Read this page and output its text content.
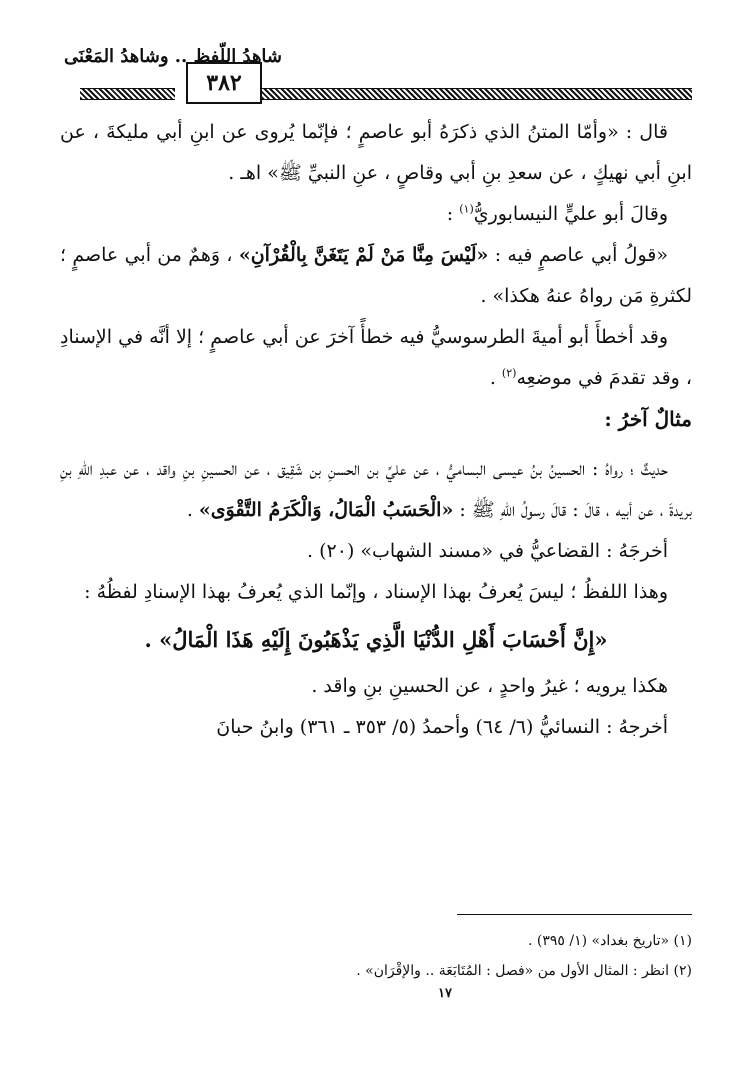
شاهدُ اللّفظ .. وشاهدُ المَعْنَى
٣٨٢

قال : «وأمّا المتنُ الذي ذكرَهُ أبو عاصمٍ ؛ فإنّما يُروى عن ابنِ أبي مليكةَ ، عن ابنِ أبي نهيكٍ ، عن سعدِ بنِ أبي وقاصٍ ، عنِ النبيِّ ﷺ» اهـ .

وقالَ أبو عليٍّ النيسابوريُّ$^{(١)}$ :

«قولُ أبي عاصمٍ فيه : «لَيْسَ مِنَّا مَنْ لَمْ يَتَغَنَّ بِالْقُرْآنِ» ، وَهمٌ من أبي عاصمٍ ؛ لكثرةِ مَن رواهُ عنهُ هكذا» .

وقد أخطأَ أبو أميةَ الطرسوسيُّ فيه خطأً آخرَ عن أبي عاصمٍ ؛ إلا أنَّه في الإسنادِ ، وقد تقدمَ في موضعِه$^{(٢)}$ .

مثالٌ آخرُ :

حديثٌ ؛ رواهُ : الحسينُ بنُ عيسى البساميُّ ، عن عليِّ بن الحسنِ بن شَقِيق ، عن الحسينِ بنِ واقد ، عن عبدِ اللهِ بنِ بريدةَ ، عن أبيه ، قالَ : قالَ رسولُ اللهِ ﷺ : «الْحَسَبُ الْمَالُ، وَالْكَرَمُ التَّقْوَى» .

أخرجَهُ : القضاعيُّ في «مسند الشهاب» (٢٠) .

وهذا اللفظُ ؛ ليسَ يُعرفُ بهذا الإسناد ، وإنّما الذي يُعرفُ بهذا الإسنادِ لفظُهُ :

«إِنَّ أَحْسَابَ أَهْلِ الدُّنْيَا الَّذِي يَذْهَبُونَ إِلَيْهِ هَذَا الْمَالُ» .

هكذا يرويه ؛ غيرُ واحدٍ ، عن الحسينِ بنِ واقد .

أخرجهُ : النسائيُّ (٦/ ٦٤) وأحمدُ (٥/ ٣٥٣ ـ ٣٦١) وابنُ حبانَ

(١) «تاريخ بغداد» (١/ ٣٩٥) .

(٢) انظر : المثال الأول من «فصل : المُتَابَعَة .. والإقْرَان» .

١٧
